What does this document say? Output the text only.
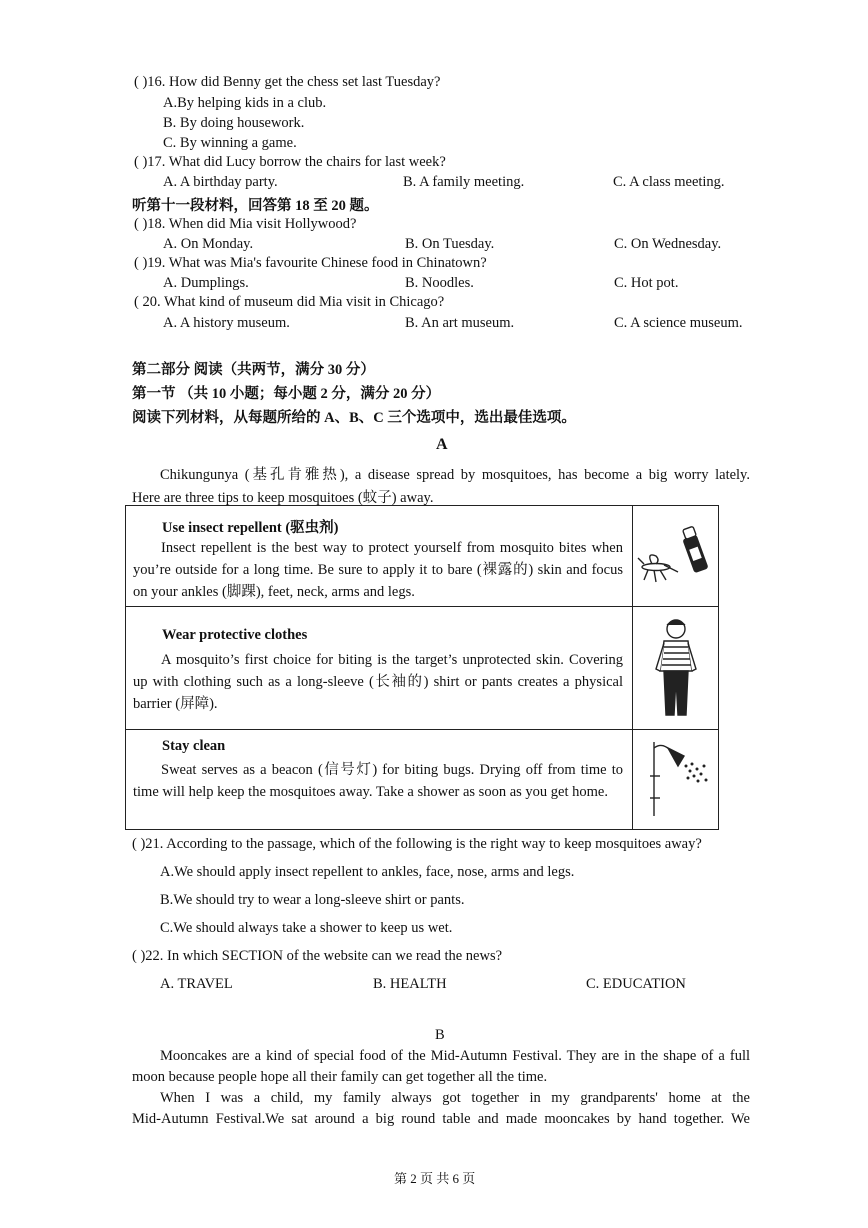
( )16. How did Benny get the chess set last Tuesday?
A.By helping kids in a club.
B. By doing housework.
C. By winning a game.
( )17. What did Lucy borrow the chairs for last week?
A. A birthday party.	B. A family meeting.	C. A class meeting.
听第十一段材料，回答第 18 至 20 题。
( )18. When did Mia visit Hollywood?
A. On Monday.	B. On Tuesday.	C. On Wednesday.
( )19. What was Mia's favourite Chinese food in Chinatown?
A. Dumplings.	B. Noodles.	C. Hot pot.
( 20. What kind of museum did Mia visit in Chicago?
A. A history museum.	B. An art museum.	C. A science museum.
第二部分 阅读（共两节，满分 30 分）
第一节 （共 10 小题；每小题 2 分，满分 20 分）
阅读下列材料，从每题所给的 A、B、C 三个选项中，选出最佳选项。
A
Chikungunya (基孔肯雅热), a disease spread by mosquitoes, has become a big worry lately.
Here are three tips to keep mosquitoes (蚊子) away.
Use insect repellent (驱虫剂)
Insect repellent is the best way to protect yourself from mosquito bites when you’re outside for a long time. Be sure to apply it to bare (裸露的) skin and focus on your ankles (脚踝), feet, neck, arms and legs.
Wear protective clothes
A mosquito’s first choice for biting is the target’s unprotected skin. Covering up with clothing such as a long-sleeve (长袖的) shirt or pants creates a physical barrier (屏障).
Stay clean
Sweat serves as a beacon (信号灯) for biting bugs. Drying off from time to time will help keep the mosquitoes away. Take a shower as soon as you get home.
( )21. According to the passage, which of the following is the right way to keep mosquitoes away?
A.We should apply insect repellent to ankles, face, nose, arms and legs.
B.We should try to wear a long-sleeve shirt or pants.
C.We should always take a shower to keep us wet.
( )22. In which SECTION of the website can we read the news?
A. TRAVEL	B. HEALTH	C. EDUCATION
B
Mooncakes are a kind of special food of the Mid-Autumn Festival. They are in the shape of a full
moon because people hope all their family can get together all the time.
When I was a child, my family always got together in my grandparents' home at the
Mid-Autumn Festival.We sat around a big round table and made mooncakes by hand together. We
第 2 页 共 6 页
